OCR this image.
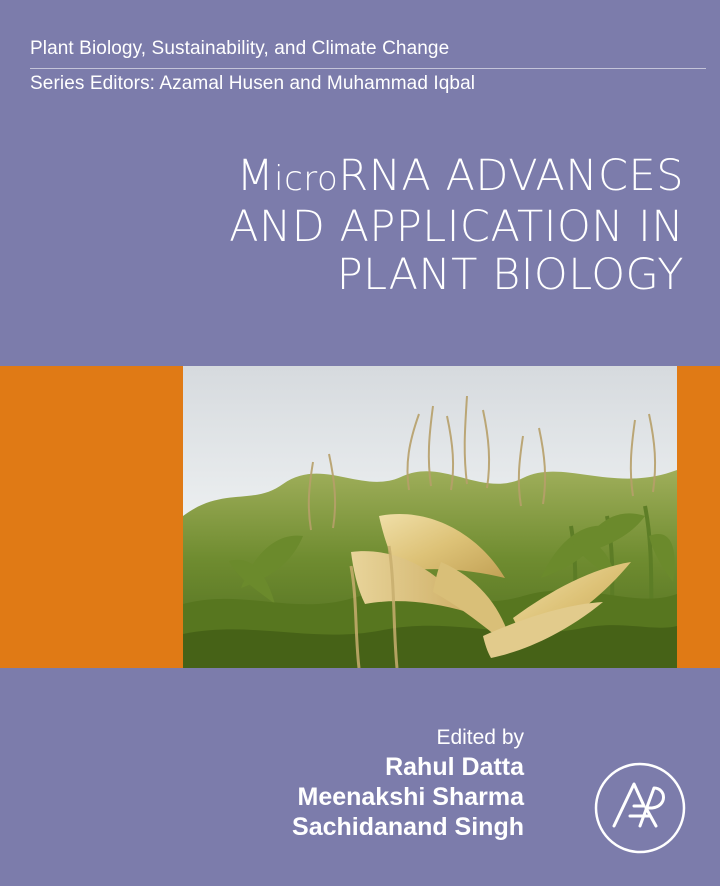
Plant Biology, Sustainability, and Climate Change
Series Editors: Azamal Husen and Muhammad Iqbal
MicroRNA ADVANCES
AND APPLICATION IN
PLANT BIOLOGY
Edited by
Rahul Datta
Meenakshi Sharma
Sachidanand Singh
